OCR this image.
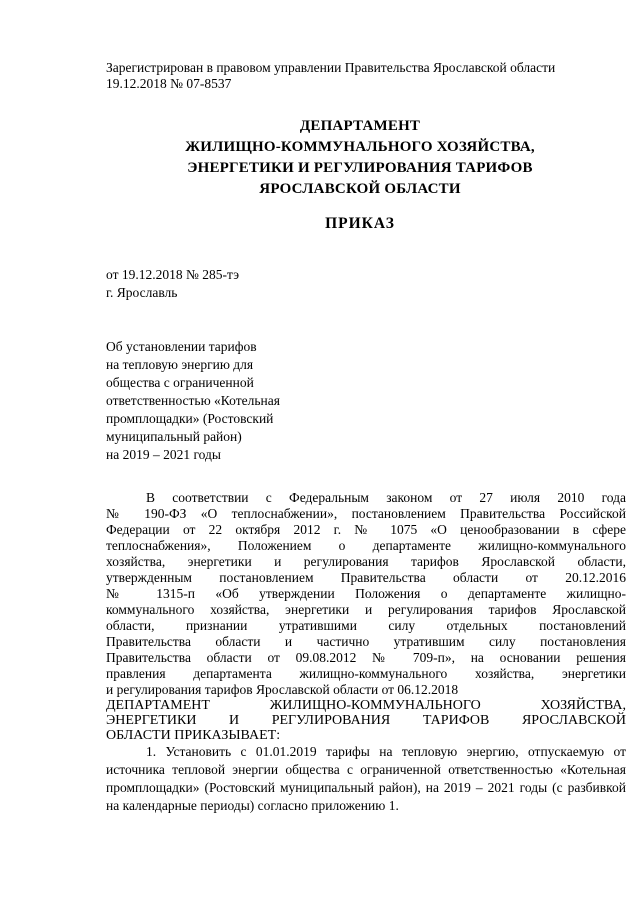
Зарегистрирован в правовом управлении Правительства Ярославской области
19.12.2018 № 07-8537
ДЕПАРТАМЕНТ
ЖИЛИЩНО-КОММУНАЛЬНОГО ХОЗЯЙСТВА,
ЭНЕРГЕТИКИ И РЕГУЛИРОВАНИЯ ТАРИФОВ
ЯРОСЛАВСКОЙ ОБЛАСТИ
ПРИКАЗ
от 19.12.2018 № 285-тэ
г. Ярославль
Об установлении тарифов
на тепловую энергию для
общества с ограниченной
ответственностью «Котельная
промплощадки» (Ростовский
муниципальный район)
на 2019 – 2021 годы
В соответствии с Федеральным законом от 27 июля 2010 года
№ 190-ФЗ «О теплоснабжении», постановлением Правительства Российской
Федерации от 22 октября 2012 г. № 1075 «О ценообразовании в сфере
теплоснабжения», Положением о департаменте жилищно-коммунального
хозяйства, энергетики и регулирования тарифов Ярославской области,
утвержденным постановлением Правительства области от 20.12.2016
№ 1315-п «Об утверждении Положения о департаменте жилищно-
коммунального хозяйства, энергетики и регулирования тарифов Ярославской
области, признании утратившими силу отдельных постановлений
Правительства области и частично утратившим силу постановления
Правительства области от 09.08.2012 № 709-п», на основании решения
правления департамента жилищно-коммунального хозяйства, энергетики
и регулирования тарифов Ярославской области от 06.12.2018
ДЕПАРТАМЕНТ ЖИЛИЩНО-КОММУНАЛЬНОГО ХОЗЯЙСТВА,
ЭНЕРГЕТИКИ И РЕГУЛИРОВАНИЯ ТАРИФОВ ЯРОСЛАВСКОЙ
ОБЛАСТИ ПРИКАЗЫВАЕТ:

1. Установить с 01.01.2019 тарифы на тепловую энергию, отпускаемую от источника тепловой энергии общества с ограниченной ответственностью «Котельная промплощадки» (Ростовский муниципальный район), на 2019 – 2021 годы (с разбивкой на календарные периоды) согласно приложению 1.
